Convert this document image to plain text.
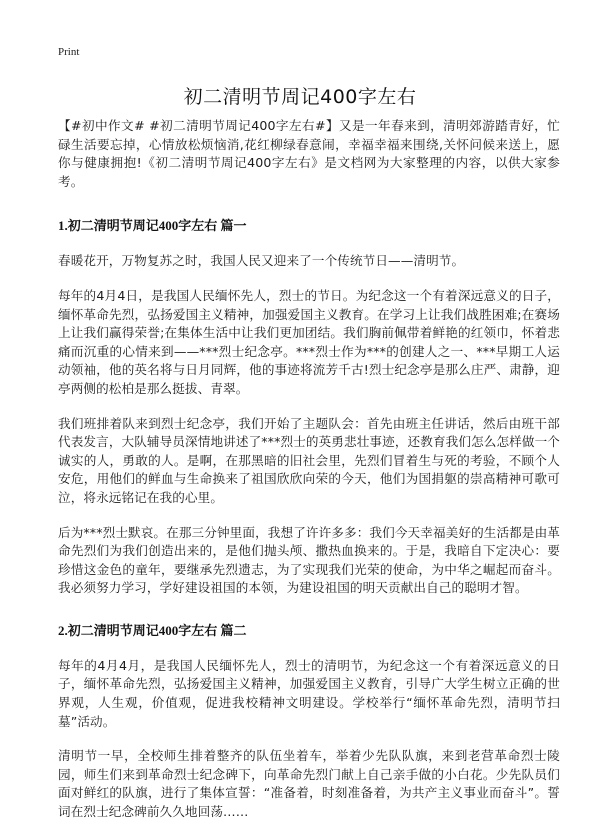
Print
初二清明节周记400字左右

【#初中作文# #初二清明节周记400字左右#】又是一年春来到，清明郊游踏青好，忙碌生活要忘掉，心情放松烦恼消,花红柳绿春意闹，幸福幸福来围绕,关怀问候来送上，愿你与健康拥抱!《初二清明节周记400字左右》是文档网为大家整理的内容，以供大家参考。

1.初二清明节周记400字左右 篇一

春暖花开，万物复苏之时，我国人民又迎来了一个传统节日——清明节。

每年的4月4日，是我国人民缅怀先人，烈士的节日。为纪念这一个有着深远意义的日子，缅怀革命先烈，弘扬爱国主义精神，加强爱国主义教育。在学习上让我们战胜困难;在赛场上让我们赢得荣誉;在集体生活中让我们更加团结。我们胸前佩带着鲜艳的红领巾，怀着悲痛而沉重的心情来到——***烈士纪念亭。***烈士作为***的创建人之一、***早期工人运动领袖，他的英名将与日月同辉，他的事迹将流芳千古!烈士纪念亭是那么庄严、肃静，迎亭两侧的松柏是那么挺拔、青翠。

我们班排着队来到烈士纪念亭，我们开始了主题队会：首先由班主任讲话，然后由班干部代表发言，大队辅导员深情地讲述了***烈士的英勇悲壮事迹，还教育我们怎么怎样做一个诚实的人，勇敢的人。是啊，在那黑暗的旧社会里，先烈们冒着生与死的考验，不顾个人安危，用他们的鲜血与生命换来了祖国欣欣向荣的今天，他们为国捐躯的崇高精神可歌可泣，将永远铭记在我的心里。

后为***烈士默哀。在那三分钟里面，我想了许许多多：我们今天幸福美好的生活都是由革命先烈们为我们创造出来的，是他们抛头颅、撒热血换来的。于是，我暗自下定决心：要珍惜这金色的童年，要继承先烈遗志，为了实现我们光荣的使命，为中华之崛起而奋斗。我必须努力学习，学好建设祖国的本领，为建设祖国的明天贡献出自己的聪明才智。

2.初二清明节周记400字左右 篇二

每年的4月4月，是我国人民缅怀先人，烈士的清明节，为纪念这一个有着深远意义的日子，缅怀革命先烈，弘扬爱国主义精神，加强爱国主义教育，引导广大学生树立正确的世界观，人生观，价值观，促进我校精神文明建设。学校举行“缅怀革命先烈，清明节扫墓”活动。

清明节一早，全校师生排着整齐的队伍坐着车，举着少先队队旗，来到老营革命烈士陵园，师生们来到革命烈士纪念碑下，向革命先烈门献上自己亲手做的小白花。少先队员们面对鲜红的队旗，进行了集体宣誓：“准备着，时刻准备着，为共产主义事业而奋斗”。誓词在烈士纪念碑前久久地回荡……
